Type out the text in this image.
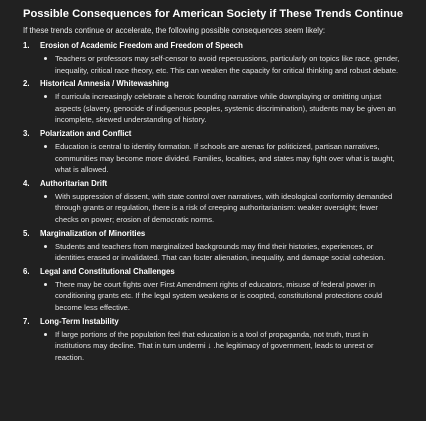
Possible Consequences for American Society if These Trends Continue
If these trends continue or accelerate, the following possible consequences seem likely:
1.	Erosion of Academic Freedom and Freedom of Speech
Teachers or professors may self-censor to avoid repercussions, particularly on topics like race, gender, inequality, critical race theory, etc. This can weaken the capacity for critical thinking and robust debate.
2.	Historical Amnesia / Whitewashing
If curricula increasingly celebrate a heroic founding narrative while downplaying or omitting unjust aspects (slavery, genocide of indigenous peoples, systemic discrimination), students may be given an incomplete, skewed understanding of history.
3.	Polarization and Conflict
Education is central to identity formation. If schools are arenas for politicized, partisan narratives, communities may become more divided. Families, localities, and states may fight over what is taught, what is allowed.
4.	Authoritarian Drift
With suppression of dissent, with state control over narratives, with ideological conformity demanded through grants or regulation, there is a risk of creeping authoritarianism: weaker oversight; fewer checks on power; erosion of democratic norms.
5.	Marginalization of Minorities
Students and teachers from marginalized backgrounds may find their histories, experiences, or identities erased or invalidated. That can foster alienation, inequality, and damage social cohesion.
6.	Legal and Constitutional Challenges
There may be court fights over First Amendment rights of educators, misuse of federal power in conditioning grants etc. If the legal system weakens or is coopted, constitutional protections could become less effective.
7.	Long-Term Instability
If large portions of the population feel that education is a tool of propaganda, not truth, trust in institutions may decline. That in turn undermi ↓ .he legitimacy of government, leads to unrest or reaction.
